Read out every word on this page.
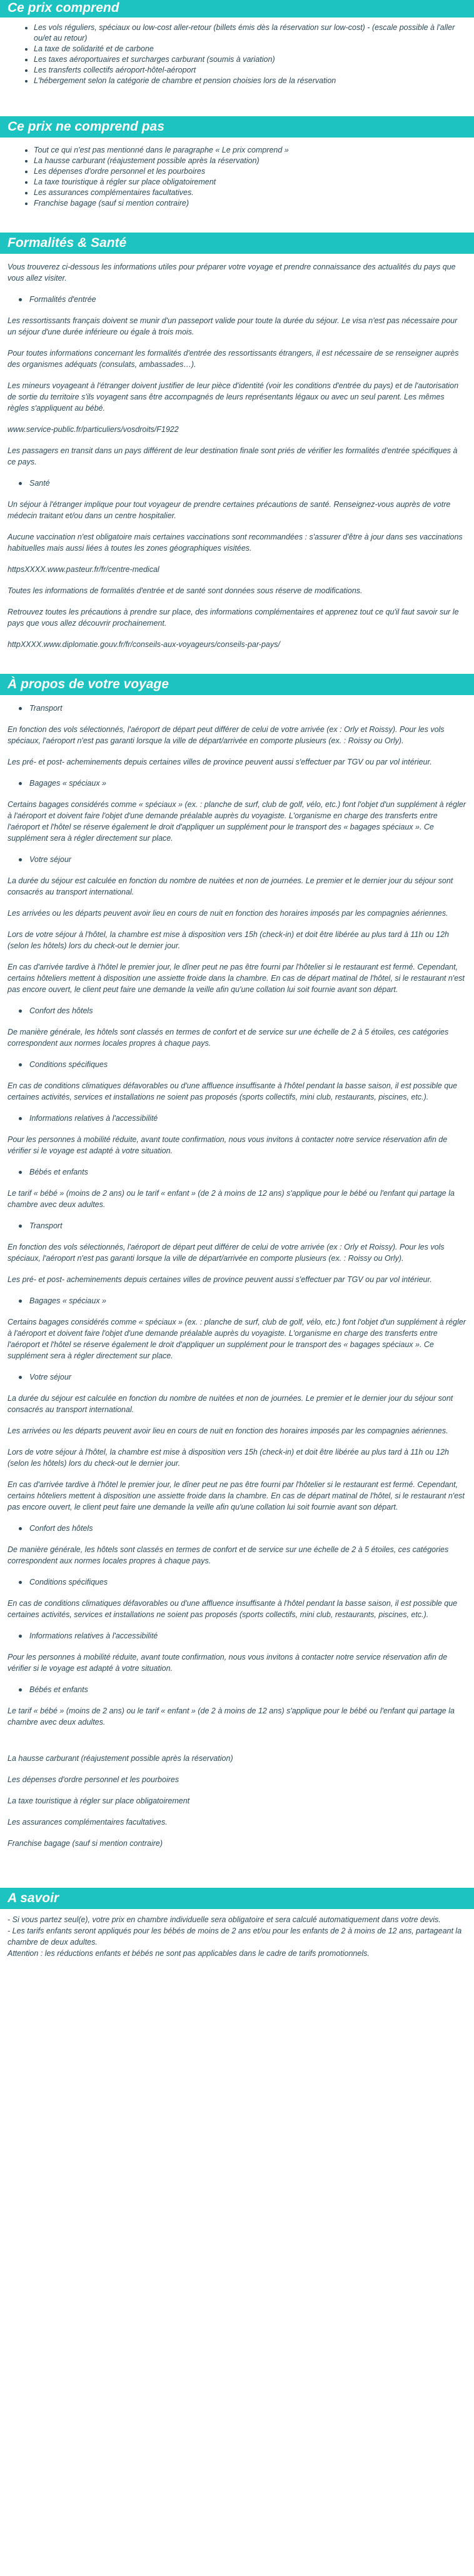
Ce prix comprend
• Les vols réguliers, spéciaux ou low-cost aller-retour (billets émis dès la réservation sur low-cost) - (escale possible à l'aller ou/et au retour)
• La taxe de solidarité et de carbone
• Les taxes aéroportuaires et surcharges carburant (soumis à variation)
• Les transferts collectifs aéroport-hôtel-aéroport
• L'hébergement selon la catégorie de chambre et pension choisies lors de la réservation
Ce prix ne comprend pas
• Tout ce qui n'est pas mentionné dans le paragraphe « Le prix comprend »
• La hausse carburant (réajustement possible après la réservation)
• Les dépenses d'ordre personnel et les pourboires
• La taxe touristique à régler sur place obligatoirement
• Les assurances complémentaires facultatives.
• Franchise bagage (sauf si mention contraire)
Formalités & Santé

Vous trouverez ci-dessous les informations utiles pour préparer votre voyage et prendre connaissance des actualités du pays que vous allez visiter.

Formalités d'entrée

Les ressortissants français doivent se munir d'un passeport valide pour toute la durée du séjour. Le visa n'est pas nécessaire pour un séjour d'une durée inférieure ou égale à trois mois.

Pour toutes informations concernant les formalités d'entrée des ressortissants étrangers, il est nécessaire de se renseigner auprès des organismes adéquats (consulats, ambassades…).

Les mineurs voyageant à l'étranger doivent justifier de leur pièce d'identité (voir les conditions d'entrée du pays) et de l'autorisation de sortie du territoire s'ils voyagent sans être accompagnés de leurs représentants légaux ou avec un seul parent. Les mêmes règles s'appliquent au bébé.

www.service-public.fr/particuliers/vosdroits/F1922

Les passagers en transit dans un pays différent de leur destination finale sont priés de vérifier les formalités d'entrée spécifiques à ce pays.

Santé

Un séjour à l'étranger implique pour tout voyageur de prendre certaines précautions de santé. Renseignez-vous auprès de votre médecin traitant et/ou dans un centre hospitalier.

Aucune vaccination n'est obligatoire mais certaines vaccinations sont recommandées : s'assurer d'être à jour dans ses vaccinations habituelles mais aussi liées à toutes les zones géographiques visitées.

httpsXXXX.www.pasteur.fr/fr/centre-medical

Toutes les informations de formalités d'entrée et de santé sont données sous réserve de modifications.

Retrouvez toutes les précautions à prendre sur place, des informations complémentaires et apprenez tout ce qu'il faut savoir sur le pays que vous allez découvrir prochainement.

httpXXXX.www.diplomatie.gouv.fr/fr/conseils-aux-voyageurs/conseils-par-pays/

À propos de votre voyage
Transport

En fonction des vols sélectionnés, l'aéroport de départ peut différer de celui de votre arrivée (ex : Orly et Roissy). Pour les vols spéciaux, l'aéroport n'est pas garanti lorsque la ville de départ/arrivée en comporte plusieurs (ex. : Roissy ou Orly).

Les pré- et post- acheminements depuis certaines villes de province peuvent aussi s'effectuer par TGV ou par vol intérieur.

Bagages « spéciaux »

Certains bagages considérés comme « spéciaux » (ex. : planche de surf, club de golf, vélo, etc.) font l'objet d'un supplément à régler à l'aéroport et doivent faire l'objet d'une demande préalable auprès du voyagiste. L'organisme en charge des transferts entre l'aéroport et l'hôtel se réserve également le droit d'appliquer un supplément pour le transport des « bagages spéciaux ». Ce supplément sera à régler directement sur place.

Votre séjour

La durée du séjour est calculée en fonction du nombre de nuitées et non de journées. Le premier et le dernier jour du séjour sont consacrés au transport international.

Les arrivées ou les départs peuvent avoir lieu en cours de nuit en fonction des horaires imposés par les compagnies aériennes.

Lors de votre séjour à l'hôtel, la chambre est mise à disposition vers 15h (check-in) et doit être libérée au plus tard à 11h ou 12h (selon les hôtels) lors du check-out le dernier jour.

En cas d'arrivée tardive à l'hôtel le premier jour, le dîner peut ne pas être fourni par l'hôtelier si le restaurant est fermé. Cependant, certains hôteliers mettent à disposition une assiette froide dans la chambre. En cas de départ matinal de l'hôtel, si le restaurant n'est pas encore ouvert, le client peut faire une demande la veille afin qu'une collation lui soit fournie avant son départ.

Confort des hôtels

De manière générale, les hôtels sont classés en termes de confort et de service sur une échelle de 2 à 5 étoiles, ces catégories correspondent aux normes locales propres à chaque pays.

Conditions spécifiques

En cas de conditions climatiques défavorables ou d'une affluence insuffisante à l'hôtel pendant la basse saison, il est possible que certaines activités, services et installations ne soient pas proposés (sports collectifs, mini club, restaurants, piscines, etc.).

Informations relatives à l'accessibilité

Pour les personnes à mobilité réduite, avant toute confirmation, nous vous invitons à contacter notre service réservation afin de vérifier si le voyage est adapté à votre situation.

Bébés et enfants

Le tarif « bébé » (moins de 2 ans) ou le tarif « enfant » (de 2 à moins de 12 ans) s'applique pour le bébé ou l'enfant qui partage la chambre avec deux adultes.

Transport

En fonction des vols sélectionnés, l'aéroport de départ peut différer de celui de votre arrivée (ex : Orly et Roissy). Pour les vols spéciaux, l'aéroport n'est pas garanti lorsque la ville de départ/arrivée en comporte plusieurs (ex. : Roissy ou Orly).

Les pré- et post- acheminements depuis certaines villes de province peuvent aussi s'effectuer par TGV ou par vol intérieur.

Bagages « spéciaux »

Certains bagages considérés comme « spéciaux » (ex. : planche de surf, club de golf, vélo, etc.) font l'objet d'un supplément à régler à l'aéroport et doivent faire l'objet d'une demande préalable auprès du voyagiste. L'organisme en charge des transferts entre l'aéroport et l'hôtel se réserve également le droit d'appliquer un supplément pour le transport des « bagages spéciaux ». Ce supplément sera à régler directement sur place.

Votre séjour

La durée du séjour est calculée en fonction du nombre de nuitées et non de journées. Le premier et le dernier jour du séjour sont consacrés au transport international.

Les arrivées ou les départs peuvent avoir lieu en cours de nuit en fonction des horaires imposés par les compagnies aériennes.

Lors de votre séjour à l'hôtel, la chambre est mise à disposition vers 15h (check-in) et doit être libérée au plus tard à 11h ou 12h (selon les hôtels) lors du check-out le dernier jour.

En cas d'arrivée tardive à l'hôtel le premier jour, le dîner peut ne pas être fourni par l'hôtelier si le restaurant est fermé. Cependant, certains hôteliers mettent à disposition une assiette froide dans la chambre. En cas de départ matinal de l'hôtel, si le restaurant n'est pas encore ouvert, le client peut faire une demande la veille afin qu'une collation lui soit fournie avant son départ.

Confort des hôtels

De manière générale, les hôtels sont classés en termes de confort et de service sur une échelle de 2 à 5 étoiles, ces catégories correspondent aux normes locales propres à chaque pays.

Conditions spécifiques

En cas de conditions climatiques défavorables ou d'une affluence insuffisante à l'hôtel pendant la basse saison, il est possible que certaines activités, services et installations ne soient pas proposés (sports collectifs, mini club, restaurants, piscines, etc.).

Informations relatives à l'accessibilité

Pour les personnes à mobilité réduite, avant toute confirmation, nous vous invitons à contacter notre service réservation afin de vérifier si le voyage est adapté à votre situation.

Bébés et enfants

Le tarif « bébé » (moins de 2 ans) ou le tarif « enfant » (de 2 à moins de 12 ans) s'applique pour le bébé ou l'enfant qui partage la chambre avec deux adultes.

La hausse carburant (réajustement possible après la réservation)

Les dépenses d'ordre personnel et les pourboires

La taxe touristique à régler sur place obligatoirement

Les assurances complémentaires facultatives.

Franchise bagage (sauf si mention contraire)

A savoir

- Si vous partez seul(e), votre prix en chambre individuelle sera obligatoire et sera calculé automatiquement dans votre devis.

- Les tarifs enfants seront appliqués pour les bébés de moins de 2 ans et/ou pour les enfants de 2 à moins de 12 ans, partageant la chambre de deux adultes.

Attention : les réductions enfants et bébés ne sont pas applicables dans le cadre de tarifs promotionnels.
